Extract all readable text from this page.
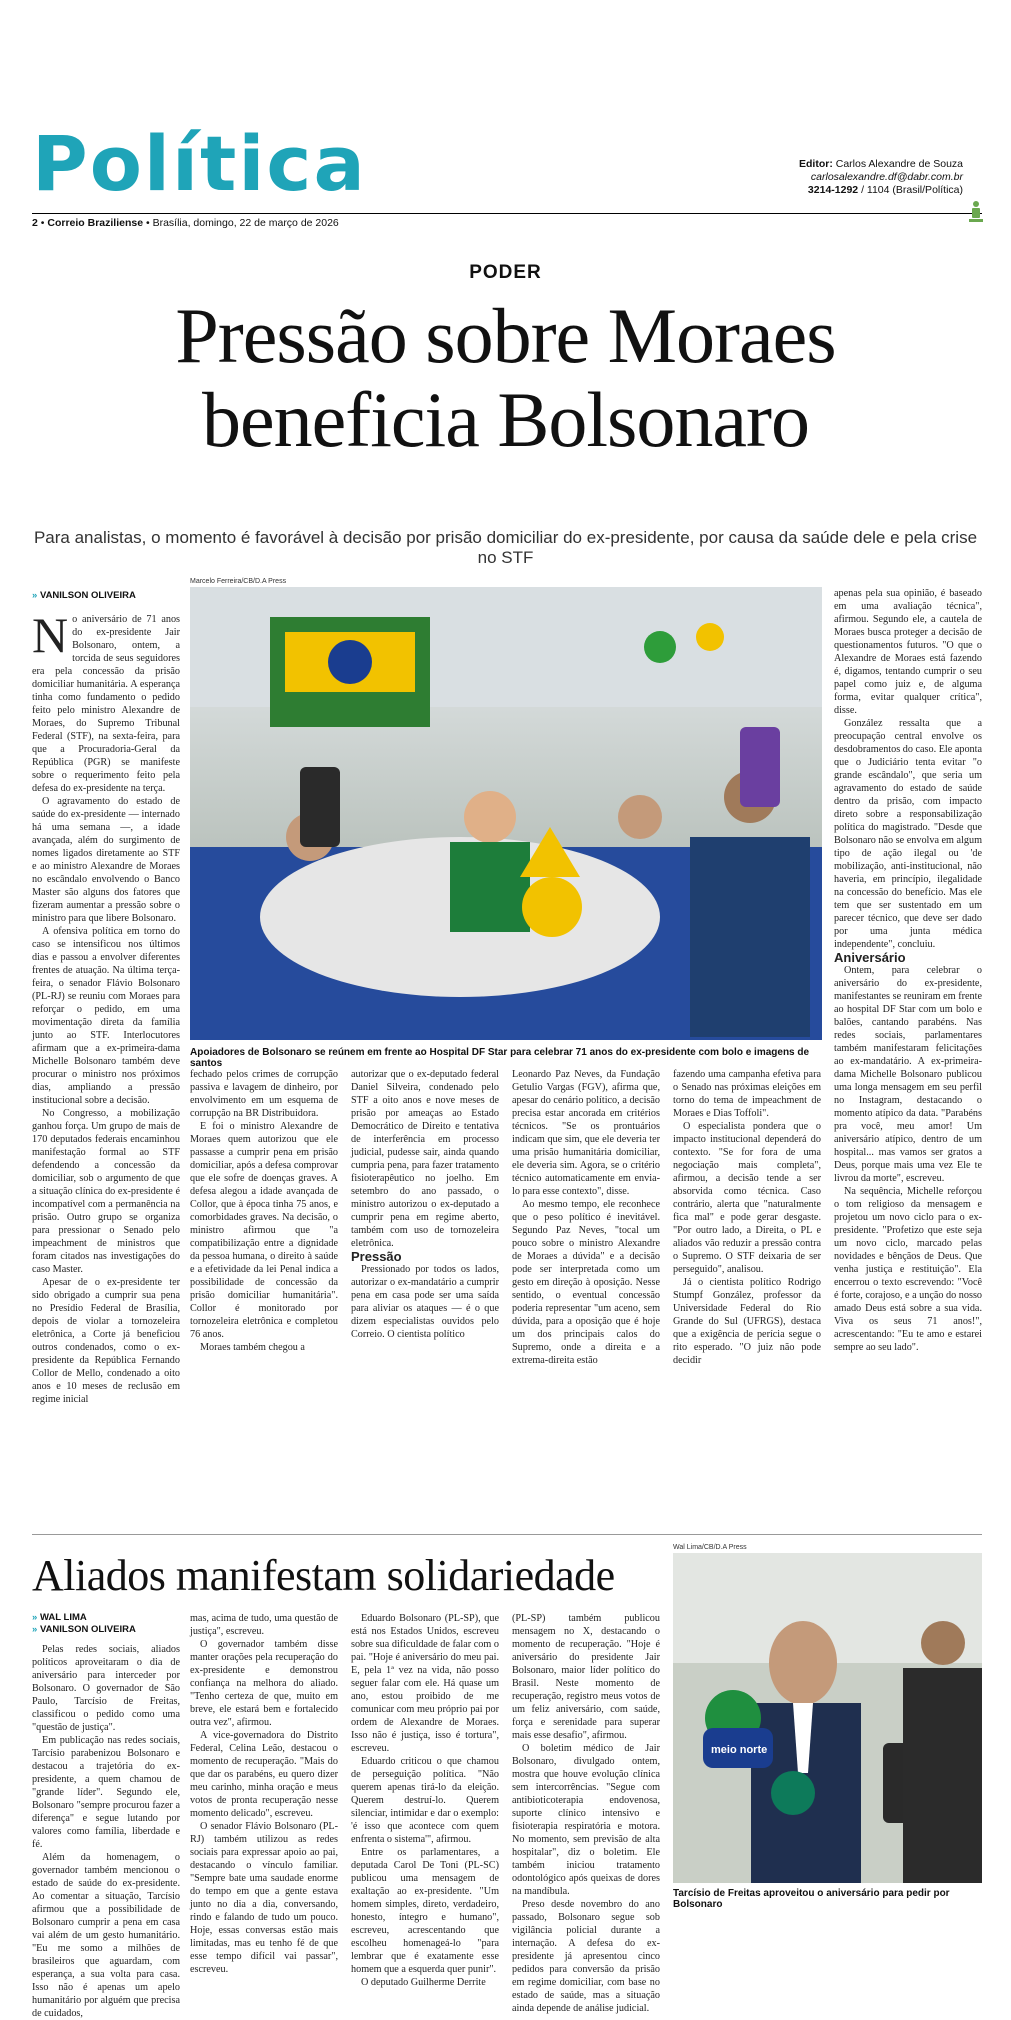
Política
2 • Correio Braziliense • Brasília, domingo, 22 de março de 2026
Editor: Carlos Alexandre de Souza
carlosalexandre.df@dabr.com.br
3214-1292 / 1104 (Brasil/Política)
PODER
Pressão sobre Moraes
beneficia Bolsonaro
Para analistas, o momento é favorável à decisão por prisão domiciliar do ex-presidente, por causa da saúde dele e pela crise no STF
» VANILSON OLIVEIRA

No aniversário de 71 anos do ex-presidente Jair Bolsonaro, ontem, a torcida de seus seguidores era pela concessão da prisão domiciliar humanitária. A esperança tinha como fundamento o pedido feito pelo ministro Alexandre de Moraes, do Supremo Tribunal Federal (STF), na sexta-feira, para que a Procuradoria-Geral da República (PGR) se manifeste sobre o requerimento feito pela defesa do ex-presidente na terça.

O agravamento do estado de saúde do ex-presidente — internado há uma semana —, a idade avançada, além do surgimento de nomes ligados diretamente ao STF e ao ministro Alexandre de Moraes no escândalo envolvendo o Banco Master são alguns dos fatores que fizeram aumentar a pressão sobre o ministro para que libere Bolsonaro.

A ofensiva política em torno do caso se intensificou nos últimos dias e passou a envolver diferentes frentes de atuação. Na última terça-feira, o senador Flávio Bolsonaro (PL-RJ) se reuniu com Moraes para reforçar o pedido, em uma movimentação direta da família junto ao STF. Interlocutores afirmam que a ex-primeira-dama Michelle Bolsonaro também deve procurar o ministro nos próximos dias, ampliando a pressão institucional sobre a decisão.

No Congresso, a mobilização ganhou força. Um grupo de mais de 170 deputados federais encaminhou manifestação formal ao STF defendendo a concessão da domiciliar, sob o argumento de que a situação clínica do ex-presidente é incompatível com a permanência na prisão. Outro grupo se organiza para pressionar o Senado pelo impeachment de ministros que foram citados nas investigações do caso Master.

Apesar de o ex-presidente ter sido obrigado a cumprir sua pena no Presídio Federal de Brasília, depois de violar a tornozeleira eletrônica, a Corte já beneficiou outros condenados, como o ex-presidente da República Fernando Collor de Mello, condenado a oito anos e 10 meses de reclusão em regime inicial

Marcelo Ferreira/CB/D.A Press
Apoiadores de Bolsonaro se reúnem em frente ao Hospital DF Star para celebrar 71 anos do ex-presidente com bolo e imagens de santos

fechado pelos crimes de corrupção passiva e lavagem de dinheiro, por envolvimento em um esquema de corrupção na BR Distribuidora.

E foi o ministro Alexandre de Moraes quem autorizou que ele passasse a cumprir pena em prisão domiciliar, após a defesa comprovar que ele sofre de doenças graves. A defesa alegou a idade avançada de Collor, que à época tinha 75 anos, e comorbidades graves. Na decisão, o ministro afirmou que "a compatibilização entre a dignidade da pessoa humana, o direito à saúde e a efetividade da lei Penal indica a possibilidade de concessão da prisão domiciliar humanitária". Collor é monitorado por tornozeleira eletrônica e completou 76 anos.

Moraes também chegou a

autorizar que o ex-deputado federal Daniel Silveira, condenado pelo STF a oito anos e nove meses de prisão por ameaças ao Estado Democrático de Direito e tentativa de interferência em processo judicial, pudesse sair, ainda quando cumpria pena, para fazer tratamento fisioterapêutico no joelho. Em setembro do ano passado, o ministro autorizou o ex-deputado a cumprir pena em regime aberto, também com uso de tornozeleira eletrônica.

Pressão

Pressionado por todos os lados, autorizar o ex-mandatário a cumprir pena em casa pode ser uma saída para aliviar os ataques — é o que dizem especialistas ouvidos pelo Correio. O cientista político

Leonardo Paz Neves, da Fundação Getulio Vargas (FGV), afirma que, apesar do cenário político, a decisão precisa estar ancorada em critérios técnicos. "Se os prontuários indicam que sim, que ele deveria ter uma prisão humanitária domiciliar, ele deveria sim. Agora, se o critério técnico automaticamente em envia-lo para esse contexto", disse.

Ao mesmo tempo, ele reconhece que o peso político é inevitável. Segundo Paz Neves, "tocal um pouco sobre o ministro Alexandre de Moraes a dúvida" e a decisão pode ser interpretada como um gesto em direção à oposição. Nesse sentido, o eventual concessão poderia representar "um aceno, sem dúvida, para a oposição que é hoje um dos principais calos do Supremo, onde a direita e a extrema-direita estão

fazendo uma campanha efetiva para o Senado nas próximas eleições em torno do tema de impeachment de Moraes e Dias Toffoli".

O especialista pondera que o impacto institucional dependerá do contexto. "Se for fora de uma negociação mais completa", afirmou, a decisão tende a ser absorvida como técnica. Caso contrário, alerta que "naturalmente fica mal" e pode gerar desgaste. "Por outro lado, a Direita, o PL e aliados vão reduzir a pressão contra o Supremo. O STF deixaria de ser perseguido", analisou.

Já o cientista político Rodrigo Stumpf González, professor da Universidade Federal do Rio Grande do Sul (UFRGS), destaca que a exigência de perícia segue o rito esperado. "O juiz não pode decidir

apenas pela sua opinião, é baseado em uma avaliação técnica", afirmou. Segundo ele, a cautela de Moraes busca proteger a decisão de questionamentos futuros. "O que o Alexandre de Moraes está fazendo é, digamos, tentando cumprir o seu papel como juiz e, de alguma forma, evitar qualquer crítica", disse.

González ressalta que a preocupação central envolve os desdobramentos do caso. Ele aponta que o Judiciário tenta evitar "o grande escândalo", que seria um agravamento do estado de saúde dentro da prisão, com impacto direto sobre a responsabilização política do magistrado. "Desde que Bolsonaro não se envolva em algum tipo de ação ilegal ou 'de mobilização, anti-institucional, não haveria, em princípio, ilegalidade na concessão do benefício. Mas ele tem que ser sustentado em um parecer técnico, que deve ser dado por uma junta médica independente", concluiu.

Aniversário

Ontem, para celebrar o aniversário do ex-presidente, manifestantes se reuniram em frente ao hospital DF Star com um bolo e balões, cantando parabéns. Nas redes sociais, parlamentares também manifestaram felicitações ao ex-mandatário. A ex-primeira-dama Michelle Bolsonaro publicou uma longa mensagem em seu perfil no Instagram, destacando o momento atípico da data. "Parabéns pra você, meu amor! Um aniversário atípico, dentro de um hospital... mas vamos ser gratos a Deus, porque mais uma vez Ele te livrou da morte", escreveu.

Na sequência, Michelle reforçou o tom religioso da mensagem e projetou um novo ciclo para o ex-presidente. "Profetizo que este seja um novo ciclo, marcado pelas novidades e bênçãos de Deus. Que venha justiça e restituição". Ela encerrou o texto escrevendo: "Você é forte, corajoso, e a unção do nosso amado Deus está sobre a sua vida. Viva os seus 71 anos!", acrescentando: "Eu te amo e estarei sempre ao seu lado".

Aliados manifestam solidariedade
» WAL LIMA
» VANILSON OLIVEIRA

Pelas redes sociais, aliados políticos aproveitaram o dia de aniversário para interceder por Bolsonaro. O governador de São Paulo, Tarcísio de Freitas, classificou o pedido como uma "questão de justiça".

Em publicação nas redes sociais, Tarcísio parabenizou Bolsonaro e destacou a trajetória do ex-presidente, a quem chamou de "grande líder". Segundo ele, Bolsonaro "sempre procurou fazer a diferença" e segue lutando por valores como família, liberdade e fé.

Além da homenagem, o governador também mencionou o estado de saúde do ex-presidente. Ao comentar a situação, Tarcísio afirmou que a possibilidade de Bolsonaro cumprir a pena em casa vai além de um gesto humanitário. "Eu me somo a milhões de brasileiros que aguardam, com esperança, a sua volta para casa. Isso não é apenas um apelo humanitário por alguém que precisa de cuidados,

mas, acima de tudo, uma questão de justiça", escreveu.

O governador também disse manter orações pela recuperação do ex-presidente e demonstrou confiança na melhora do aliado. "Tenho certeza de que, muito em breve, ele estará bem e fortalecido outra vez", afirmou.

A vice-governadora do Distrito Federal, Celina Leão, destacou o momento de recuperação. "Mais do que dar os parabéns, eu quero dizer meu carinho, minha oração e meus votos de pronta recuperação nesse momento delicado", escreveu.

O senador Flávio Bolsonaro (PL-RJ) também utilizou as redes sociais para expressar apoio ao pai, destacando o vínculo familiar. "Sempre bate uma saudade enorme do tempo em que a gente estava junto no dia a dia, conversando, rindo e falando de tudo um pouco. Hoje, essas conversas estão mais limitadas, mas eu tenho fé de que esse tempo difícil vai passar", escreveu.

Eduardo Bolsonaro (PL-SP), que está nos Estados Unidos, escreveu sobre sua dificuldade de falar com o pai. "Hoje é aniversário do meu pai. E, pela 1ª vez na vida, não posso seguer falar com ele. Há quase um ano, estou proibido de me comunicar com meu próprio pai por ordem de Alexandre de Moraes. Isso não é justiça, isso é tortura", escreveu.

Eduardo criticou o que chamou de perseguição política. "Não querem apenas tirá-lo da eleição. Querem destruí-lo. Querem silenciar, intimidar e dar o exemplo: 'é isso que acontece com quem enfrenta o sistema'", afirmou.

Entre os parlamentares, a deputada Carol De Toni (PL-SC) publicou uma mensagem de exaltação ao ex-presidente. "Um homem simples, direto, verdadeiro, honesto, íntegro e humano", escreveu, acrescentando que escolheu homenageá-lo "para lembrar que é exatamente esse homem que a esquerda quer punir".

O deputado Guilherme Derrite

(PL-SP) também publicou mensagem no X, destacando o momento de recuperação. "Hoje é aniversário do presidente Jair Bolsonaro, maior líder político do Brasil. Neste momento de recuperação, registro meus votos de um feliz aniversário, com saúde, força e serenidade para superar mais esse desafio", afirmou.

O boletim médico de Jair Bolsonaro, divulgado ontem, mostra que houve evolução clínica sem intercorrências. "Segue com antibioticoterapia endovenosa, suporte clínico intensivo e fisioterapia respiratória e motora. No momento, sem previsão de alta hospitalar", diz o boletim. Ele também iniciou tratamento odontológico após queixas de dores na mandíbula.

Preso desde novembro do ano passado, Bolsonaro segue sob vigilância policial durante a internação. A defesa do ex-presidente já apresentou cinco pedidos para conversão da prisão em regime domiciliar, com base no estado de saúde, mas a situação ainda depende de análise judicial.

Wal Lima/CB/D.A Press
meio norte
Tarcísio de Freitas aproveitou o aniversário para pedir por Bolsonaro
